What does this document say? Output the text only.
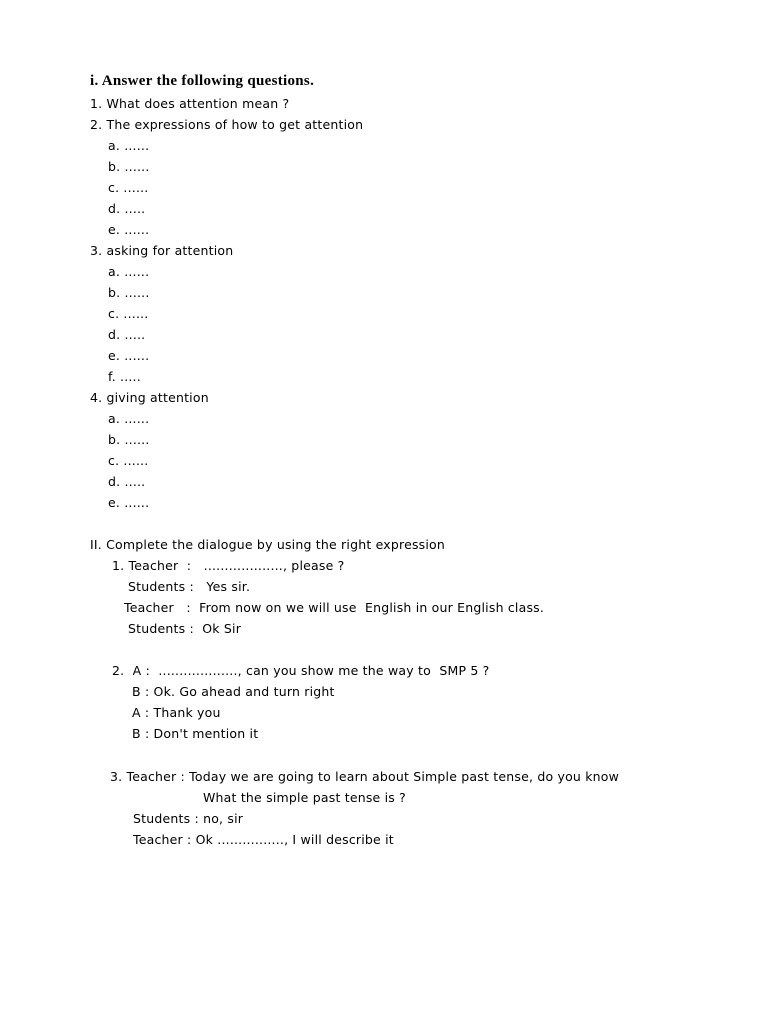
i. Answer the following questions.
1. What does attention mean ?
2. The expressions of how to get attention
a. ......
b. ......
c. ......
d. .....
e. ......
3. asking for attention
a. ......
b. ......
c. ......
d. .....
e. ......
f. .....
4. giving attention
a. ......
b. ......
c. ......
d. .....
e. ......
II. Complete the dialogue by using the right expression
1. Teacher  :   ..................., please ?
Students :   Yes sir.
Teacher   :  From now on we will use  English in our English class.
Students :  Ok Sir
2.  A :  ..................., can you show me the way to  SMP 5 ?
B : Ok. Go ahead and turn right
A : Thank you
B : Don't mention it
3. Teacher : Today we are going to learn about Simple past tense, do you know
What the simple past tense is ?
Students : no, sir
Teacher : Ok ................, I will describe it
